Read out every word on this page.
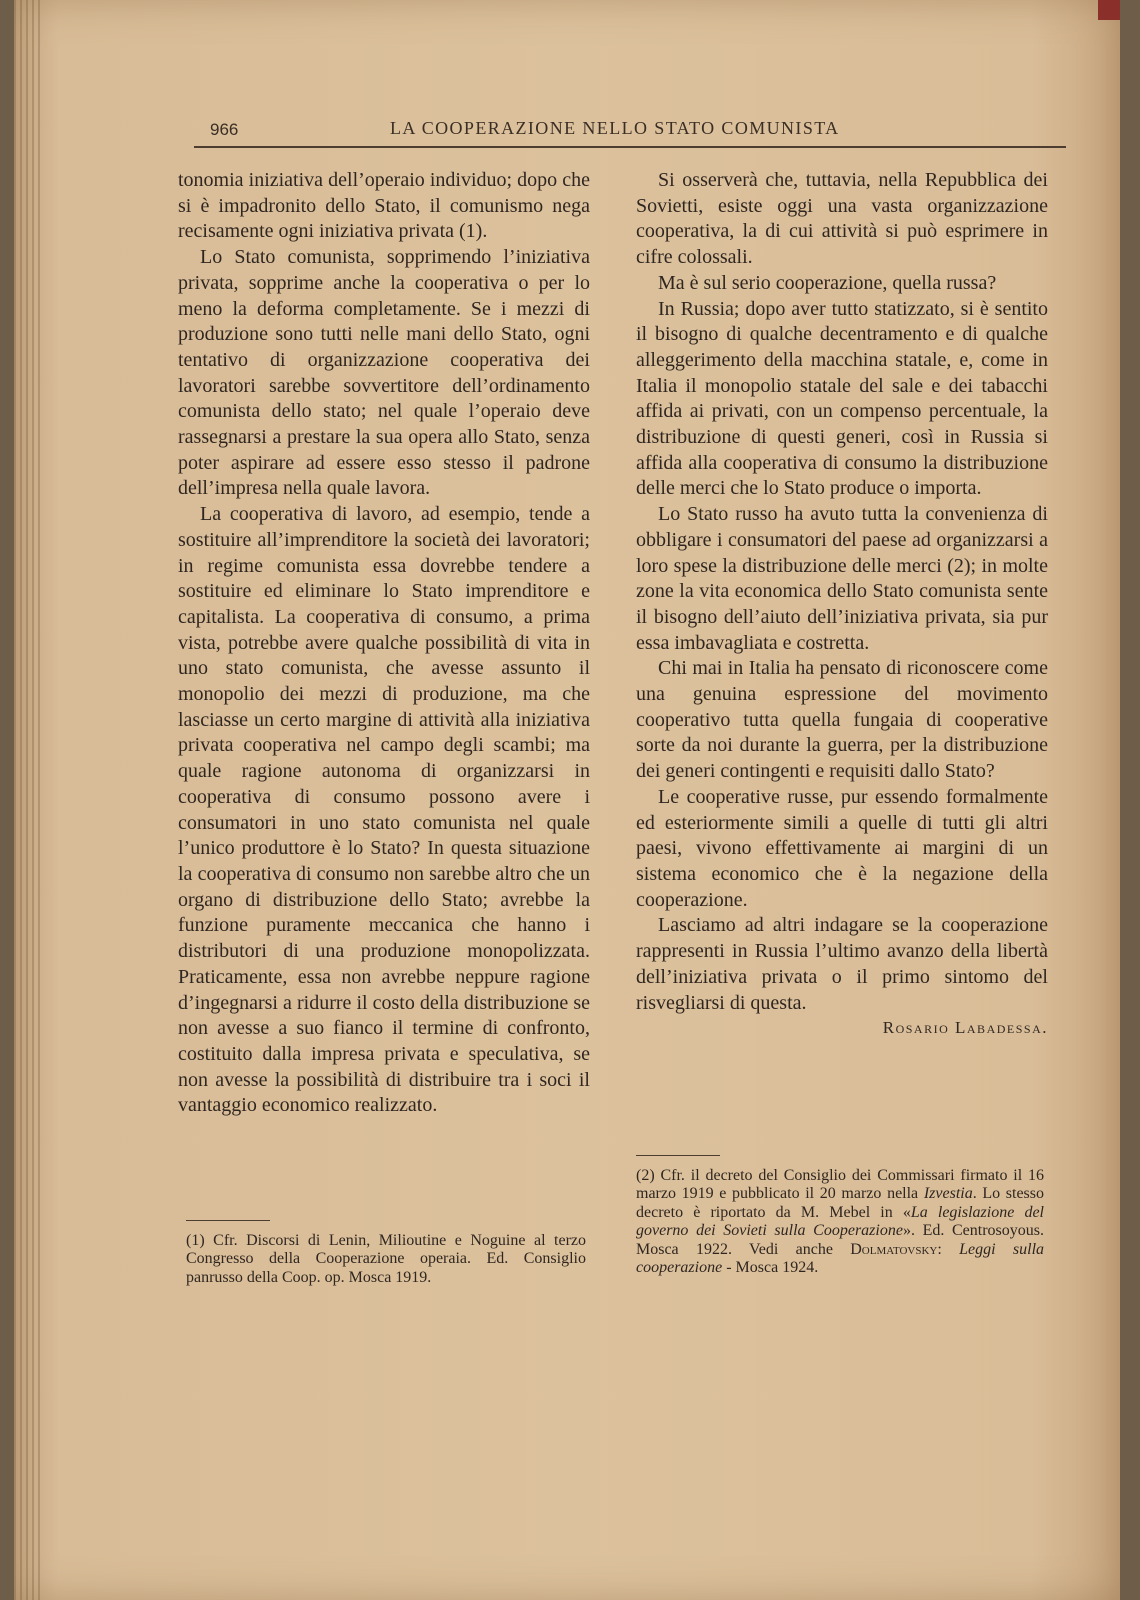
966	LA COOPERAZIONE NELLO STATO COMUNISTA

tonomia iniziativa dell’operaio individuo; dopo che si è impadronito dello Stato, il comunismo nega recisamente ogni iniziativa privata (1).

Lo Stato comunista, sopprimendo l’iniziativa privata, sopprime anche la cooperativa o per lo meno la deforma completamente. Se i mezzi di produzione sono tutti nelle mani dello Stato, ogni tentativo di organizzazione cooperativa dei lavoratori sarebbe sovvertitore dell’ordinamento comunista dello stato; nel quale l’operaio deve rassegnarsi a prestare la sua opera allo Stato, senza poter aspirare ad essere esso stesso il padrone dell’impresa nella quale lavora.

La cooperativa di lavoro, ad esempio, tende a sostituire all’imprenditore la società dei lavoratori; in regime comunista essa dovrebbe tendere a sostituire ed eliminare lo Stato imprenditore e capitalista. La cooperativa di consumo, a prima vista, potrebbe avere qualche possibilità di vita in uno stato comunista, che avesse assunto il monopolio dei mezzi di produzione, ma che lasciasse un certo margine di attività alla iniziativa privata cooperativa nel campo degli scambi; ma quale ragione autonoma di organizzarsi in cooperativa di consumo possono avere i consumatori in uno stato comunista nel quale l’unico produttore è lo Stato? In questa situazione la cooperativa di consumo non sarebbe altro che un organo di distribuzione dello Stato; avrebbe la funzione puramente meccanica che hanno i distributori di una produzione monopolizzata. Praticamente, essa non avrebbe neppure ragione d’ingegnarsi a ridurre il costo della distribuzione se non avesse a suo fianco il termine di confronto, costituito dalla impresa privata e speculativa, se non avesse la possibilità di distribuire tra i soci il vantaggio economico realizzato.

Si osserverà che, tuttavia, nella Repubblica dei Sovietti, esiste oggi una vasta organizzazione cooperativa, la di cui attività si può esprimere in cifre colossali.

Ma è sul serio cooperazione, quella russa?

In Russia; dopo aver tutto statizzato, si è sentito il bisogno di qualche decentramento e di qualche alleggerimento della macchina statale, e, come in Italia il monopolio statale del sale e dei tabacchi affida ai privati, con un compenso percentuale, la distribuzione di questi generi, così in Russia si affida alla cooperativa di consumo la distribuzione delle merci che lo Stato produce o importa.

Lo Stato russo ha avuto tutta la convenienza di obbligare i consumatori del paese ad organizzarsi a loro spese la distribuzione delle merci (2); in molte zone la vita economica dello Stato comunista sente il bisogno dell’aiuto dell’iniziativa privata, sia pur essa imbavagliata e costretta.

Chi mai in Italia ha pensato di riconoscere come una genuina espressione del movimento cooperativo tutta quella fungaia di cooperative sorte da noi durante la guerra, per la distribuzione dei generi contingenti e requisiti dallo Stato?

Le cooperative russe, pur essendo formalmente ed esteriormente simili a quelle di tutti gli altri paesi, vivono effettivamente ai margini di un sistema economico che è la negazione della cooperazione.

Lasciamo ad altri indagare se la cooperazione rappresenti in Russia l’ultimo avanzo della libertà dell’iniziativa privata o il primo sintomo del risvegliarsi di questa.

Rosario Labadessa.
(1) Cfr. Discorsi di Lenin, Milioutine e Noguine al terzo Congresso della Cooperazione operaia. Ed. Consiglio panrusso della Coop. op. Mosca 1919.
(2) Cfr. il decreto del Consiglio dei Commissari firmato il 16 marzo 1919 e pubblicato il 20 marzo nella Izvestia. Lo stesso decreto è riportato da M. Mebel in «La legislazione del governo dei Sovieti sulla Cooperazione». Ed. Centrosoyous. Mosca 1922. Vedi anche Dolmatovsky: Leggi sulla cooperazione - Mosca 1924.
